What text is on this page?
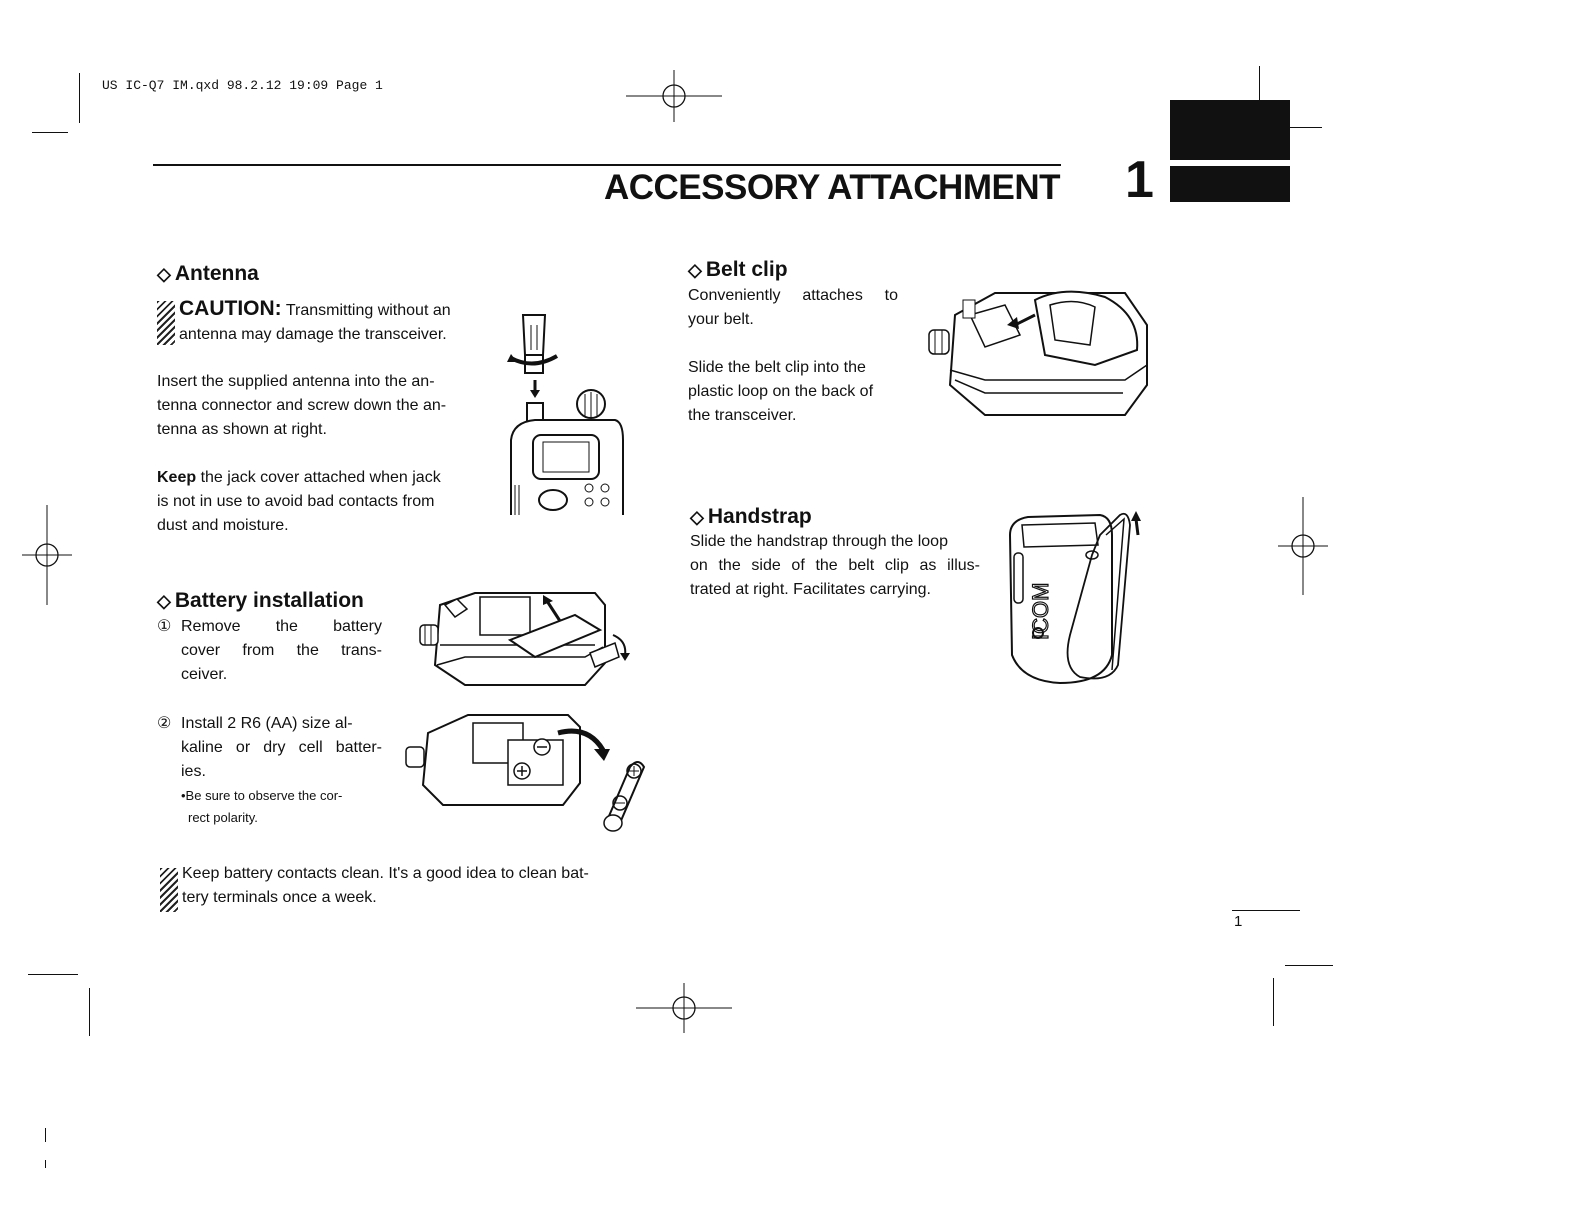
US IC-Q7 IM.qxd 98.2.12 19:09 Page 1
ACCESSORY ATTACHMENT 1
◇ Antenna
CAUTION: Transmitting without an
antenna may damage the transceiver.
Insert the supplied antenna into the an-
tenna connector and screw down the an-
tenna as shown at right.
Keep the jack cover attached when jack
is not in use to avoid bad contacts from
dust and moisture.
◇ Battery installation
① Remove the battery
cover from the trans-
ceiver.
② Install 2 R6 (AA) size al-
kaline or dry cell batter-
ies.
•Be sure to observe the cor-
rect polarity.
Keep battery contacts clean. It's a good idea to clean bat-
tery terminals once a week.
◇ Belt clip
Conveniently attaches to
your belt.
Slide the belt clip into the
plastic loop on the back of
the transceiver.
◇ Handstrap
Slide the handstrap through the loop
on the side of the belt clip as illus-
trated at right. Facilitates carrying.	ICOM
1
